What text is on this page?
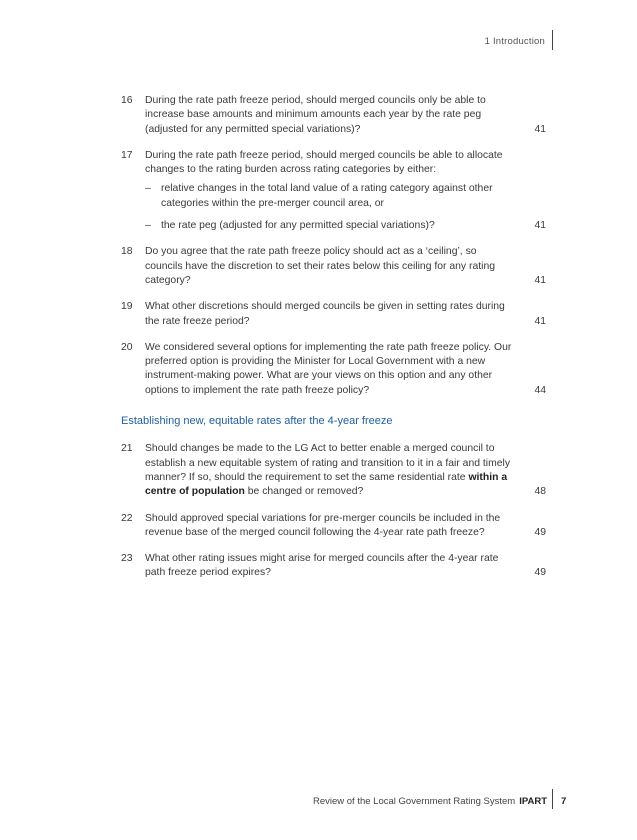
1 Introduction
16	During the rate path freeze period, should merged councils only be able to increase base amounts and minimum amounts each year by the rate peg (adjusted for any permitted special variations)?	41
17	During the rate path freeze period, should merged councils be able to allocate changes to the rating burden across rating categories by either:
– relative changes in the total land value of a rating category against other categories within the pre-merger council area, or
– the rate peg (adjusted for any permitted special variations)?	41
18	Do you agree that the rate path freeze policy should act as a ‘ceiling’, so councils have the discretion to set their rates below this ceiling for any rating category?	41
19	What other discretions should merged councils be given in setting rates during the rate freeze period?	41
20	We considered several options for implementing the rate path freeze policy. Our preferred option is providing the Minister for Local Government with a new instrument-making power. What are your views on this option and any other options to implement the rate path freeze policy?	44
Establishing new, equitable rates after the 4-year freeze
21	Should changes be made to the LG Act to better enable a merged council to establish a new equitable system of rating and transition to it in a fair and timely manner? If so, should the requirement to set the same residential rate within a centre of population be changed or removed?	48
22	Should approved special variations for pre-merger councils be included in the revenue base of the merged council following the 4-year rate path freeze?	49
23	What other rating issues might arise for merged councils after the 4-year rate path freeze period expires?	49
Review of the Local Government Rating System IPART 7
